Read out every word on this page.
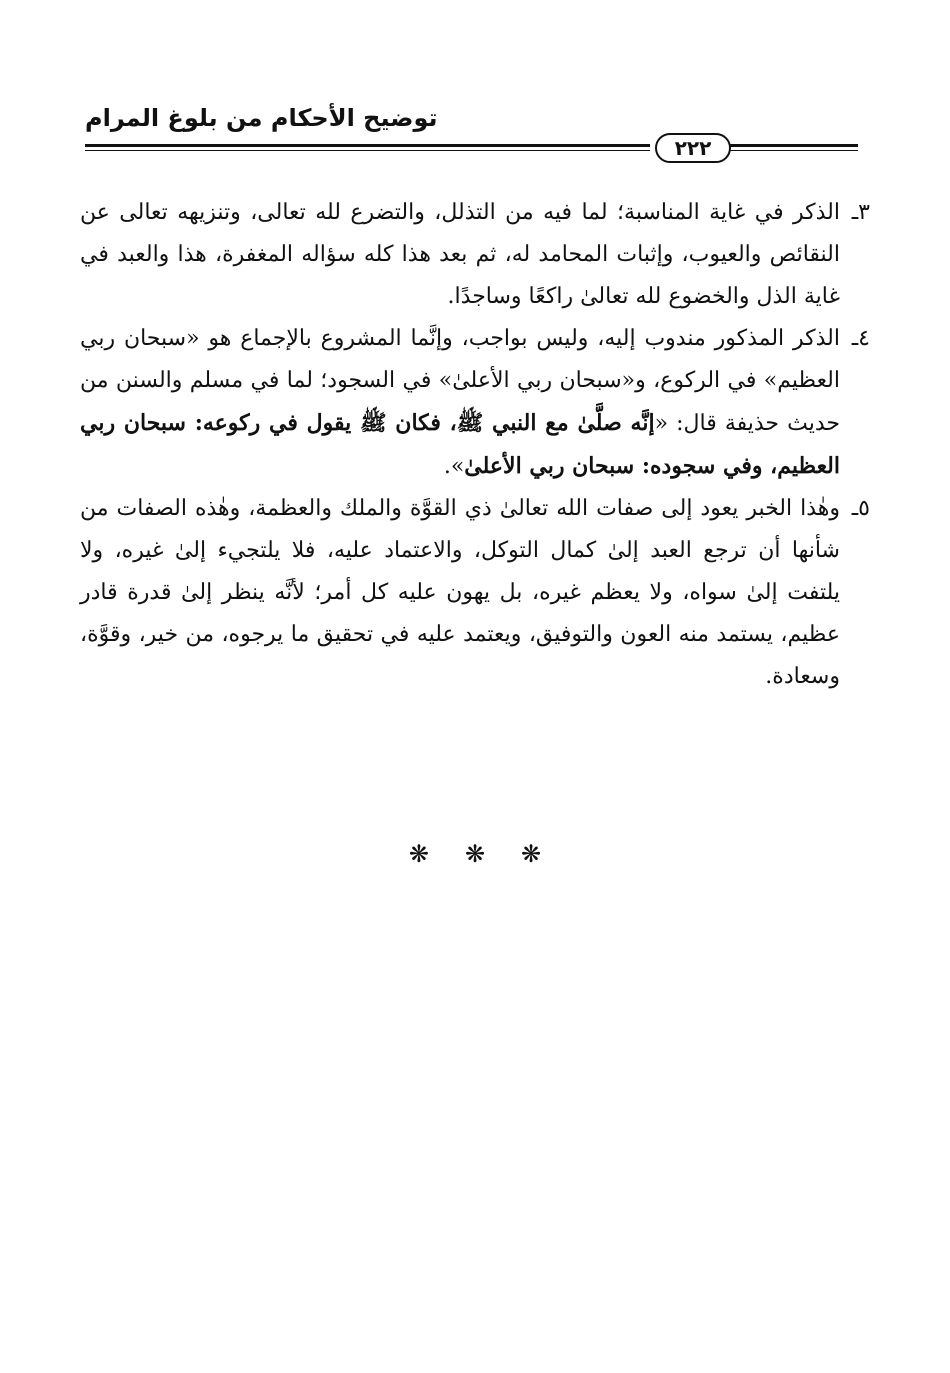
توضيح الأحكام من بلوغ المرام
٢٢٢

٣ـ
الذكر في غاية المناسبة؛ لما فيه من التذلل، والتضرع لله تعالى، وتنزيهه تعالى عن النقائص والعيوب، وإثبات المحامد له، ثم بعد هذا كله سؤاله المغفرة، هذا والعبد في غاية الذل والخضوع لله تعالىٰ راكعًا وساجدًا.

٤ـ
الذكر المذكور مندوب إليه، وليس بواجب، وإنَّما المشروع بالإجماع هو «سبحان ربي العظيم» في الركوع، و«سبحان ربي الأعلىٰ» في السجود؛ لما في مسلم والسنن من حديث حذيفة قال: «إنَّه صلَّىٰ مع النبي ﷺ، فكان ﷺ يقول في ركوعه: سبحان ربي العظيم، وفي سجوده: سبحان ربي الأعلىٰ».

٥ـ
وهٰذا الخبر يعود إلى صفات الله تعالىٰ ذي القوَّة والملك والعظمة، وهٰذه الصفات من شأنها أن ترجع العبد إلىٰ كمال التوكل، والاعتماد عليه، فلا يلتجيء إلىٰ غيره، ولا يلتفت إلىٰ سواه، ولا يعظم غيره، بل يهون عليه كل أمر؛ لأنَّه ينظر إلىٰ قدرة قادر عظيم، يستمد منه العون والتوفيق، ويعتمد عليه في تحقيق ما يرجوه، من خير، وقوَّة، وسعادة.

❋ ❋ ❋
